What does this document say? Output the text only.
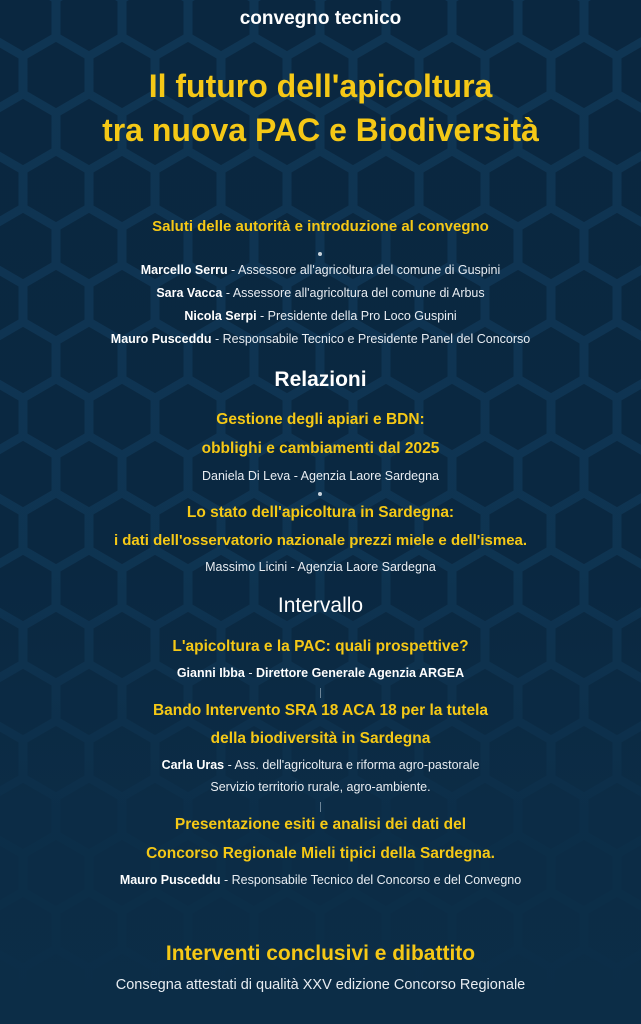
convegno tecnico
Il futuro dell'apicoltura
tra nuova PAC e Biodiversità
Saluti delle autorità e introduzione al convegno
Marcello Serru - Assessore all'agricoltura del comune di Guspini
Sara Vacca - Assessore all'agricoltura del comune di Arbus
Nicola Serpi - Presidente della Pro Loco Guspini
Mauro Pusceddu - Responsabile Tecnico e Presidente Panel del Concorso
Relazioni
Gestione degli apiari e BDN:
obblighi e cambiamenti dal 2025
Daniela Di Leva - Agenzia Laore Sardegna
Lo stato dell'apicoltura in Sardegna:
i dati dell'osservatorio nazionale prezzi miele e dell'ismea.
Massimo Licini - Agenzia Laore Sardegna
Intervallo
L'apicoltura e la PAC: quali prospettive?
Gianni Ibba - Direttore Generale Agenzia ARGEA
Bando Intervento SRA 18 ACA 18 per la tutela
della biodiversità in Sardegna
Carla Uras - Ass. dell'agricoltura e riforma agro-pastorale
Servizio territorio rurale, agro-ambiente.
Presentazione esiti e analisi dei dati del
Concorso Regionale Mieli tipici della Sardegna.
Mauro Pusceddu - Responsabile Tecnico del Concorso e del Convegno
Interventi conclusivi e dibattito
Consegna attestati di qualità XXV edizione Concorso Regionale
